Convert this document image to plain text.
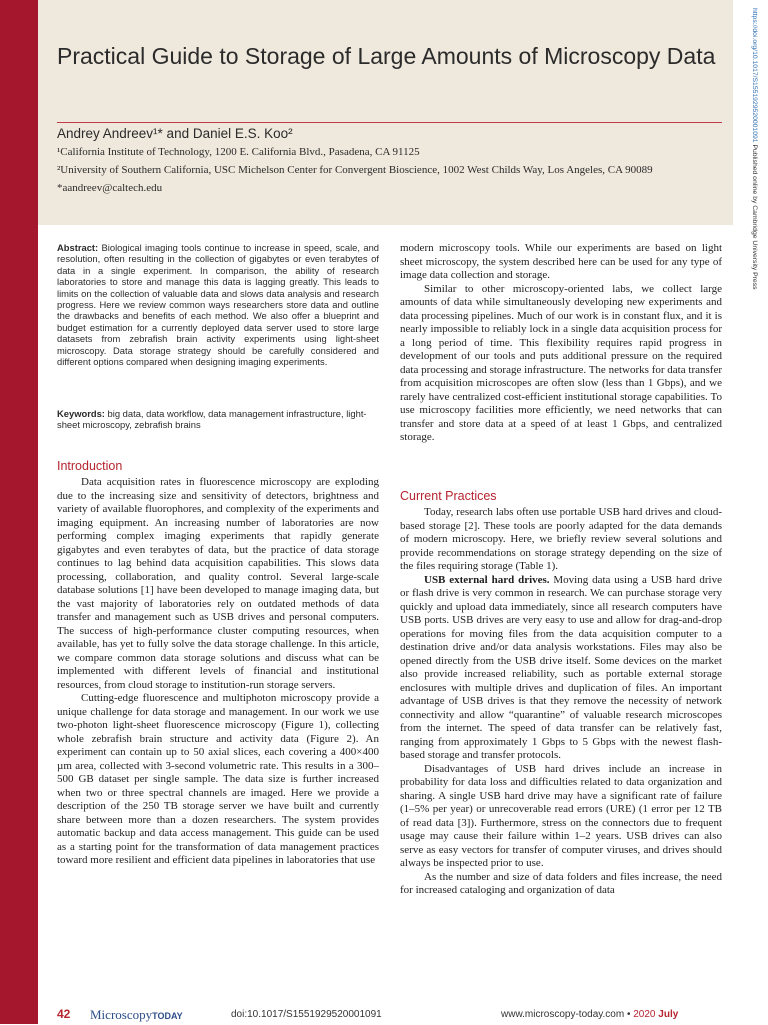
https://doi.org/10.1017/S1551929520001091 Published online by Cambridge University Press
Practical Guide to Storage of Large Amounts of Microscopy Data
Andrey Andreev¹* and Daniel E.S. Koo²
¹California Institute of Technology, 1200 E. California Blvd., Pasadena, CA 91125
²University of Southern California, USC Michelson Center for Convergent Bioscience, 1002 West Childs Way, Los Angeles, CA 90089
*aandreev@caltech.edu
Abstract: Biological imaging tools continue to increase in speed, scale, and resolution, often resulting in the collection of gigabytes or even terabytes of data in a single experiment. In comparison, the ability of research laboratories to store and manage this data is lagging greatly. This leads to limits on the collection of valuable data and slows data analysis and research progress. Here we review common ways researchers store data and outline the drawbacks and benefits of each method. We also offer a blueprint and budget estimation for a currently deployed data server used to store large datasets from zebrafish brain activity experiments using light-sheet microscopy. Data storage strategy should be carefully considered and different options compared when designing imaging experiments.
Keywords: big data, data workflow, data management infrastructure, light-sheet microscopy, zebrafish brains
Introduction

Data acquisition rates in fluorescence microscopy are exploding due to the increasing size and sensitivity of detectors, brightness and variety of available fluorophores, and complexity of the experiments and imaging equipment. An increasing number of laboratories are now performing complex imaging experiments that rapidly generate gigabytes and even terabytes of data, but the practice of data storage continues to lag behind data acquisition capabilities. This slows data processing, collaboration, and quality control. Several large-scale database solutions [1] have been developed to manage imaging data, but the vast majority of laboratories rely on outdated methods of data transfer and management such as USB drives and personal computers. The success of high-performance cluster computing resources, when available, has yet to fully solve the data storage challenge. In this article, we compare common data storage solutions and discuss what can be implemented with different levels of financial and institutional resources, from cloud storage to institution-run storage servers.

Cutting-edge fluorescence and multiphoton microscopy provide a unique challenge for data storage and management. In our work we use two-photon light-sheet fluorescence microscopy (Figure 1), collecting whole zebrafish brain structure and activity data (Figure 2). An experiment can contain up to 50 axial slices, each covering a 400×400 µm area, collected with 3-second volumetric rate. This results in a 300–500 GB dataset per single sample. The data size is further increased when two or three spectral channels are imaged. Here we provide a description of the 250 TB storage server we have built and currently share between more than a dozen researchers. The system provides automatic backup and data access management. This guide can be used as a starting point for the transformation of data management practices toward more resilient and efficient data pipelines in laboratories that use

modern microscopy tools. While our experiments are based on light sheet microscopy, the system described here can be used for any type of image data collection and storage.

Similar to other microscopy-oriented labs, we collect large amounts of data while simultaneously developing new experiments and data processing pipelines. Much of our work is in constant flux, and it is nearly impossible to reliably lock in a single data acquisition process for a long period of time. This flexibility requires rapid progress in development of our tools and puts additional pressure on the required data processing and storage infrastructure. The networks for data transfer from acquisition microscopes are often slow (less than 1 Gbps), and we rarely have centralized cost-efficient institutional storage capabilities. To use microscopy facilities more efficiently, we need networks that can transfer and store data at a speed of at least 1 Gbps, and centralized storage.

Current Practices

Today, research labs often use portable USB hard drives and cloud-based storage [2]. These tools are poorly adapted for the data demands of modern microscopy. Here, we briefly review several solutions and provide recommendations on storage strategy depending on the size of the files requiring storage (Table 1).

USB external hard drives. Moving data using a USB hard drive or flash drive is very common in research. We can purchase storage very quickly and upload data immediately, since all research computers have USB ports. USB drives are very easy to use and allow for drag-and-drop operations for moving files from the data acquisition computer to a destination drive and/or data analysis workstations. Files may also be opened directly from the USB drive itself. Some devices on the market also provide increased reliability, such as portable external storage enclosures with multiple drives and duplication of files. An important advantage of USB drives is that they remove the necessity of network connectivity and allow “quarantine” of valuable research microscopes from the internet. The speed of data transfer can be relatively fast, ranging from approximately 1 Gbps to 5 Gbps with the newest flash-based storage and transfer protocols.

Disadvantages of USB hard drives include an increase in probability for data loss and difficulties related to data organization and sharing. A single USB hard drive may have a significant rate of failure (1–5% per year) or unrecoverable read errors (URE) (1 error per 12 TB of read data [3]). Furthermore, stress on the connectors due to frequent usage may cause their failure within 1–2 years. USB drives can also serve as easy vectors for transfer of computer viruses, and drives should always be inspected prior to use.

As the number and size of data folders and files increase, the need for increased cataloging and organization of data

42 MicroscopyTODAY	doi:10.1017/S1551929520001091	www.microscopy-today.com • 2020 July
